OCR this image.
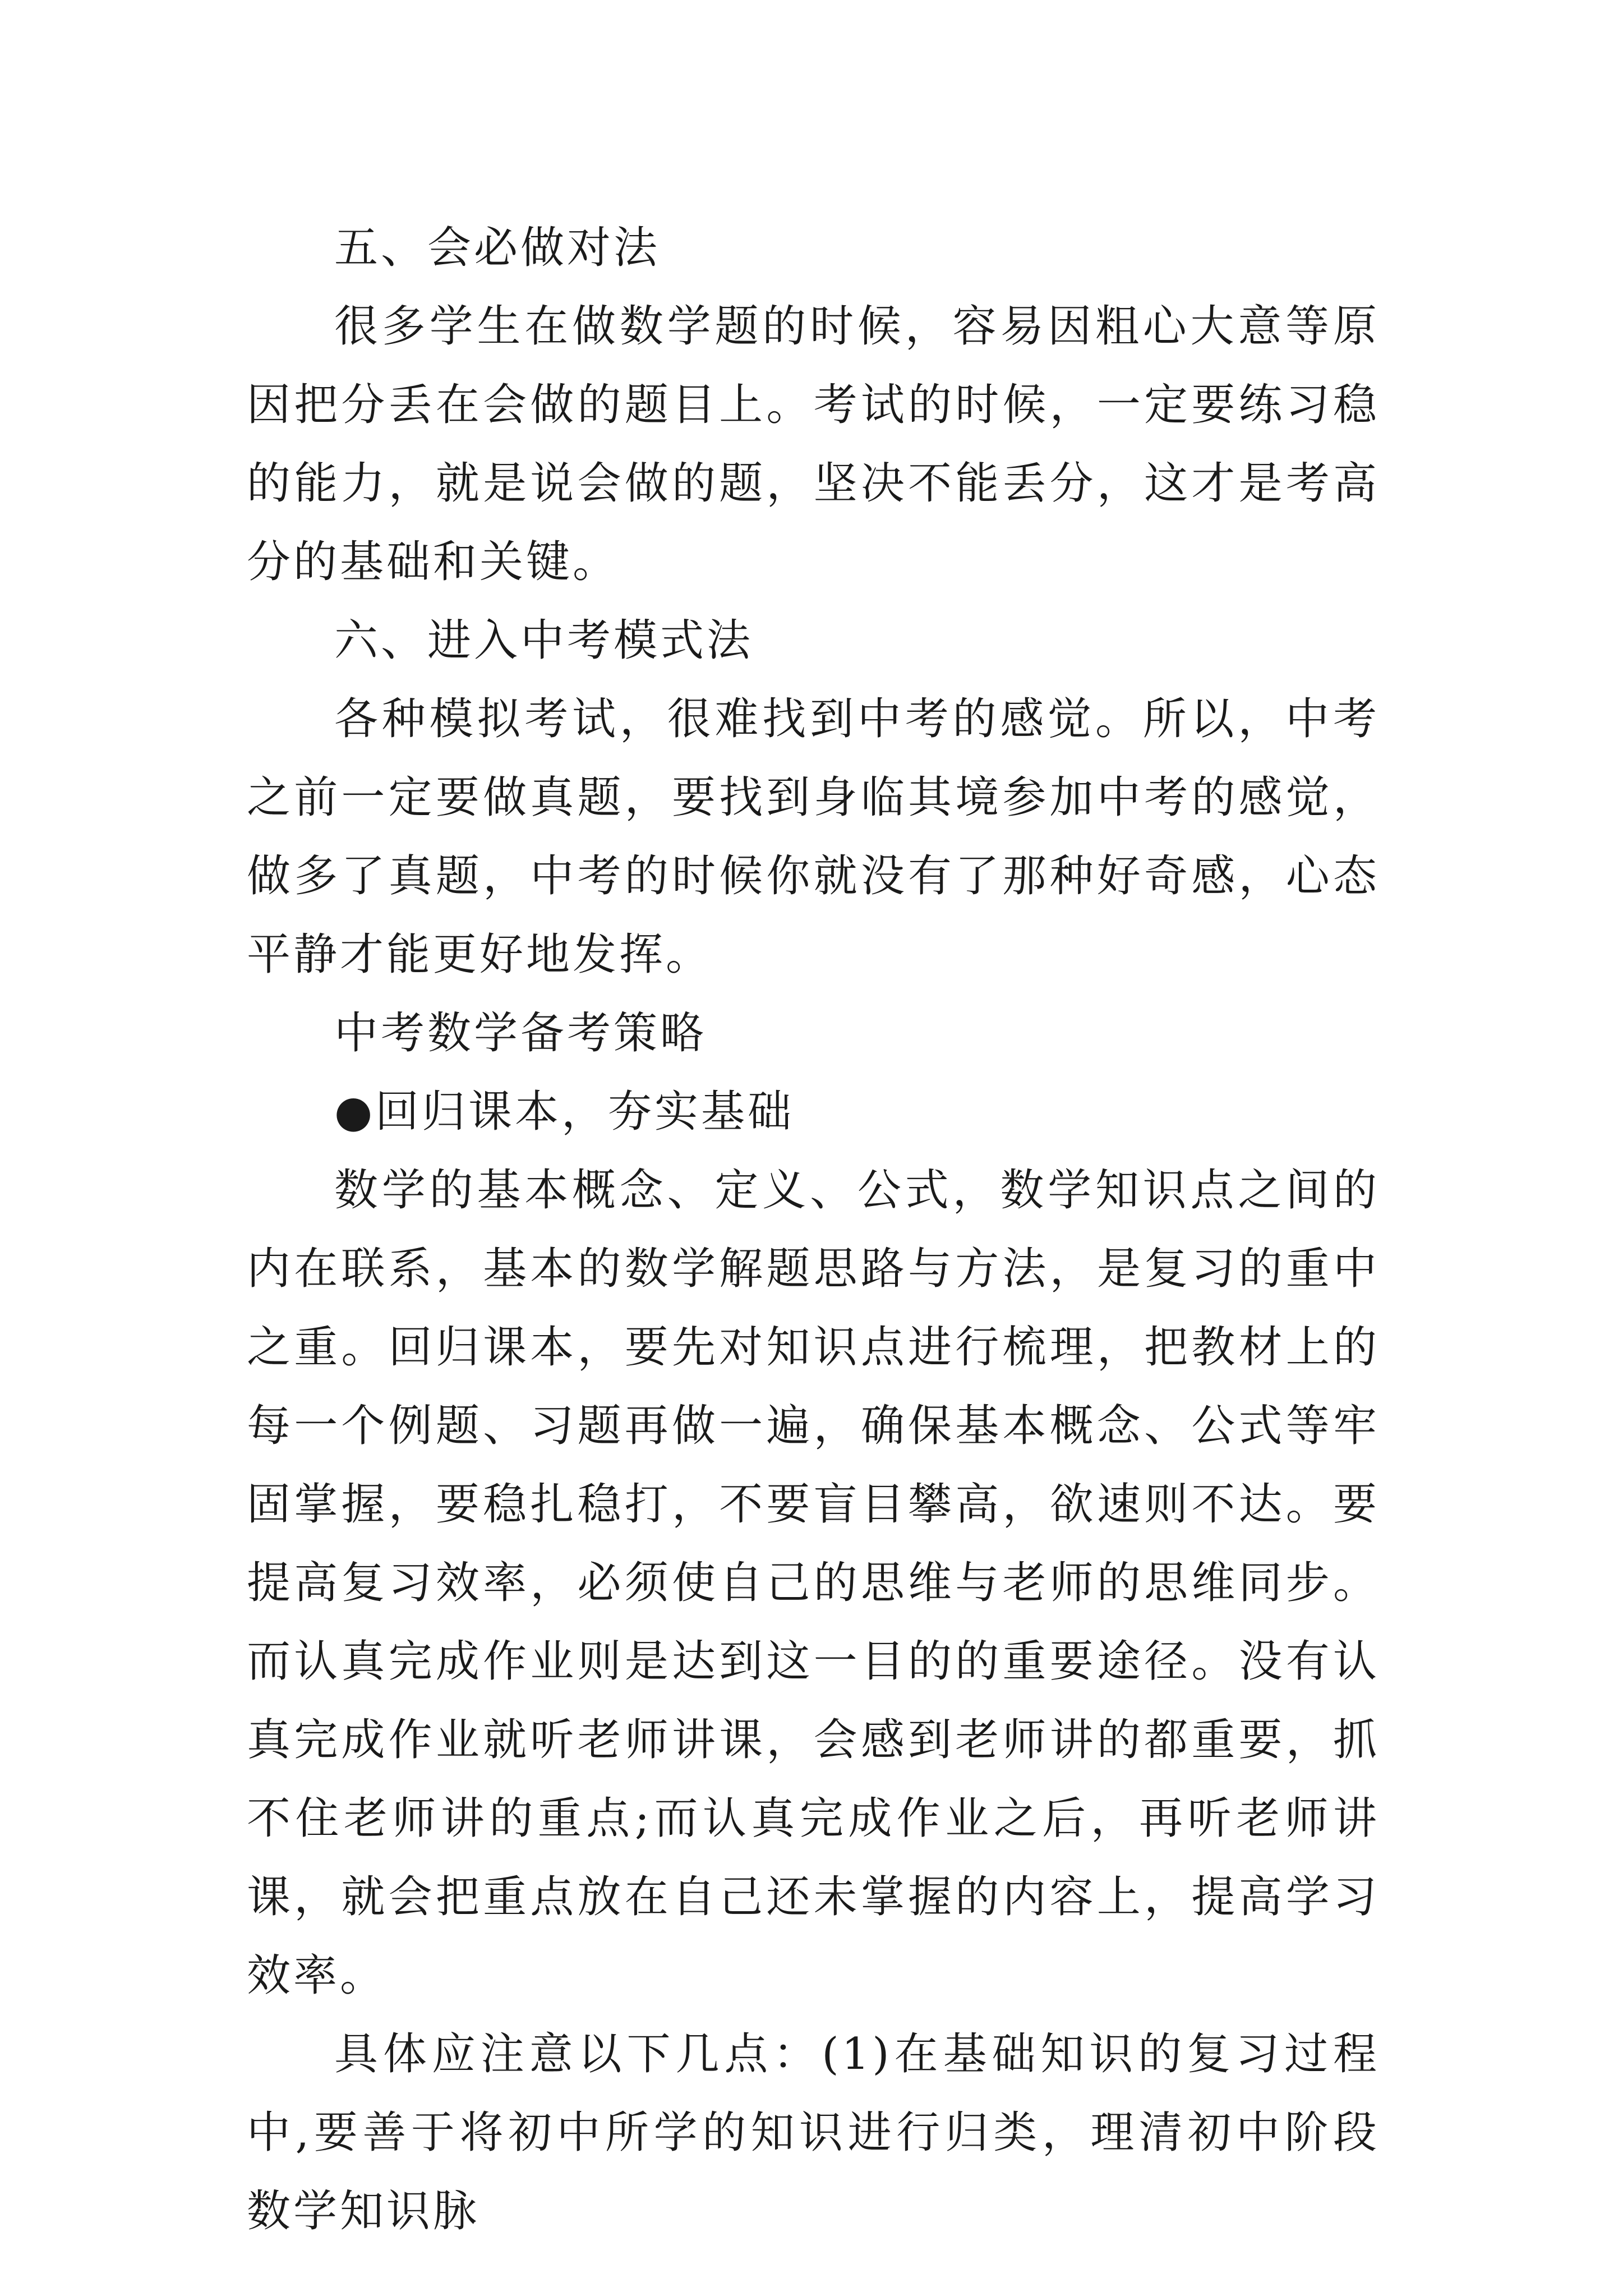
五、会必做对法

很多学生在做数学题的时候，容易因粗心大意等原因把分丢在会做的题目上。考试的时候，一定要练习稳的能力，就是说会做的题，坚决不能丢分，这才是考高分的基础和关键。

六、进入中考模式法

各种模拟考试，很难找到中考的感觉。所以，中考之前一定要做真题，要找到身临其境参加中考的感觉，做多了真题，中考的时候你就没有了那种好奇感，心态平静才能更好地发挥。

中考数学备考策略

●回归课本，夯实基础

数学的基本概念、定义、公式，数学知识点之间的内在联系，基本的数学解题思路与方法，是复习的重中之重。回归课本，要先对知识点进行梳理，把教材上的每一个例题、习题再做一遍，确保基本概念、公式等牢固掌握，要稳扎稳打，不要盲目攀高，欲速则不达。要提高复习效率，必须使自己的思维与老师的思维同步。而认真完成作业则是达到这一目的的重要途径。没有认真完成作业就听老师讲课，会感到老师讲的都重要，抓不住老师讲的重点;而认真完成作业之后，再听老师讲课，就会把重点放在自己还未掌握的内容上，提高学习效率。

具体应注意以下几点：(1)在基础知识的复习过程中,要善于将初中所学的知识进行归类，理清初中阶段数学知识脉
